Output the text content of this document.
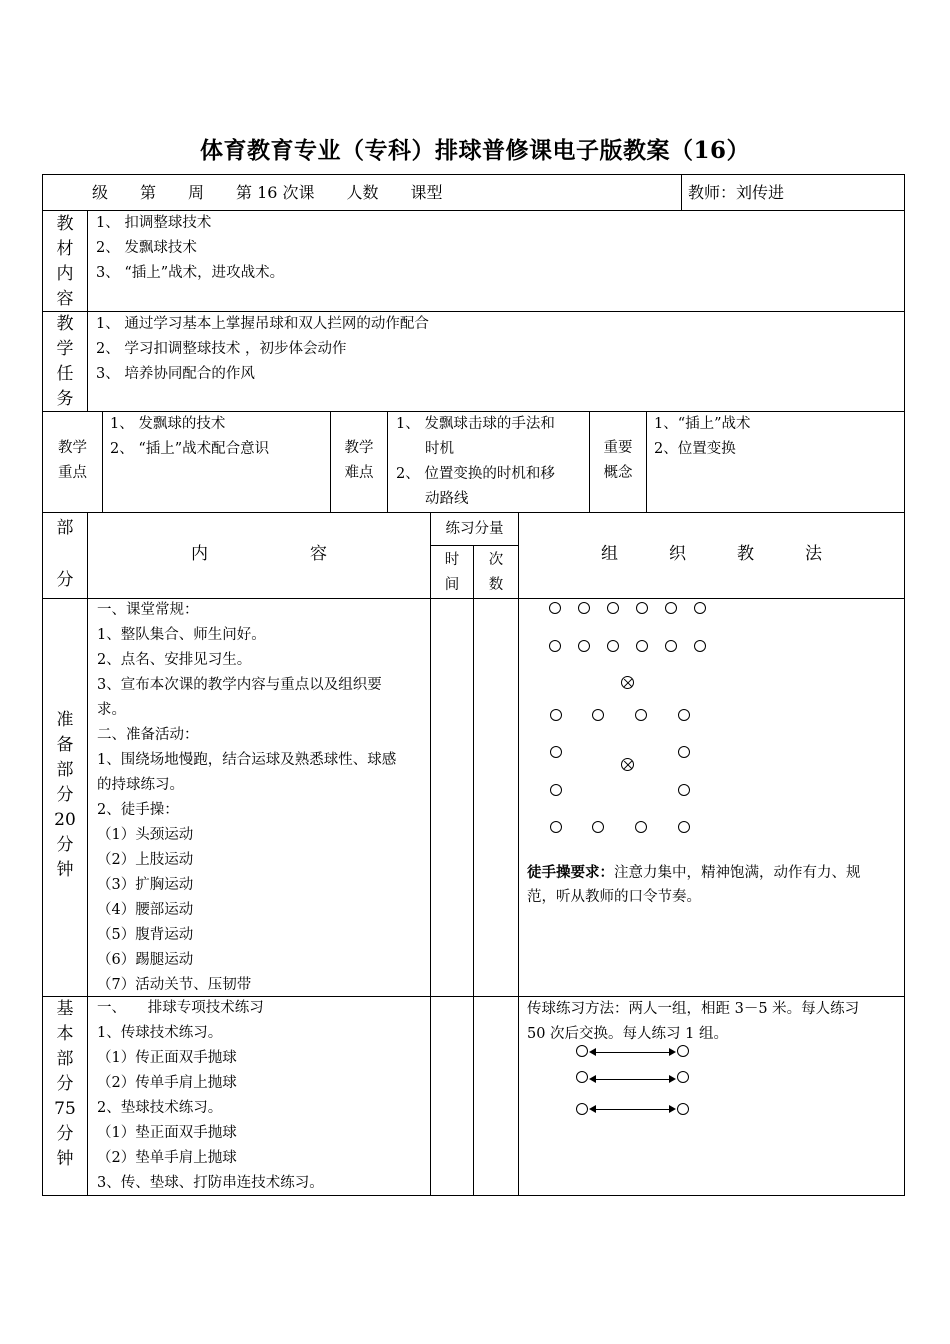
体育教育专业（专科）排球普修课电子版教案（16）
级　　第　　周　　第 16 次课　　人数　　课型	教师：刘传进
教
材
内
容
1、 扣调整球技术
2、 发飘球技术
3、 “插上”战术，进攻战术。
教
学
任
务
1、 通过学习基本上掌握吊球和双人拦网的动作配合
2、 学习扣调整球技术 ，初步体会动作
3、 培养协同配合的作风
教学
重点
1、 发飘球的技术
2、 “插上”战术配合意识	教学
难点
1、 发飘球击球的手法和
时机
2、 位置变换的时机和移
动路线
重要
概念
1、“插上”战术
2、位置变换
部
分
内　　　　　　容
练习分量
时
间
次
数
组　　　织　　　教　　　法
准
备
部
分
20
分
钟
一、课堂常规：
1、整队集合、师生问好。
2、点名、安排见习生。
3、宣布本次课的教学内容与重点以及组织要
求。
二、准备活动：
1、围绕场地慢跑，结合运球及熟悉球性、球感
的持球练习。
2、徒手操：
（1）头颈运动
（2）上肢运动
（3）扩胸运动
（4）腰部运动
（5）腹背运动
（6）踢腿运动
（7）活动关节、压韧带
徒手操要求：注意力集中，精神饱满，动作有力、规
范，听从教师的口令节奏。
基
本
部
分
75
分
钟
一、　　排球专项技术练习
1、传球技术练习。
（1）传正面双手抛球
（2）传单手肩上抛球
2、垫球技术练习。
（1）垫正面双手抛球
（2）垫单手肩上抛球
3、传、垫球、打防串连技术练习。
传球练习方法：两人一组，相距 3－5 米。每人练习
50 次后交换。每人练习 1 组。
